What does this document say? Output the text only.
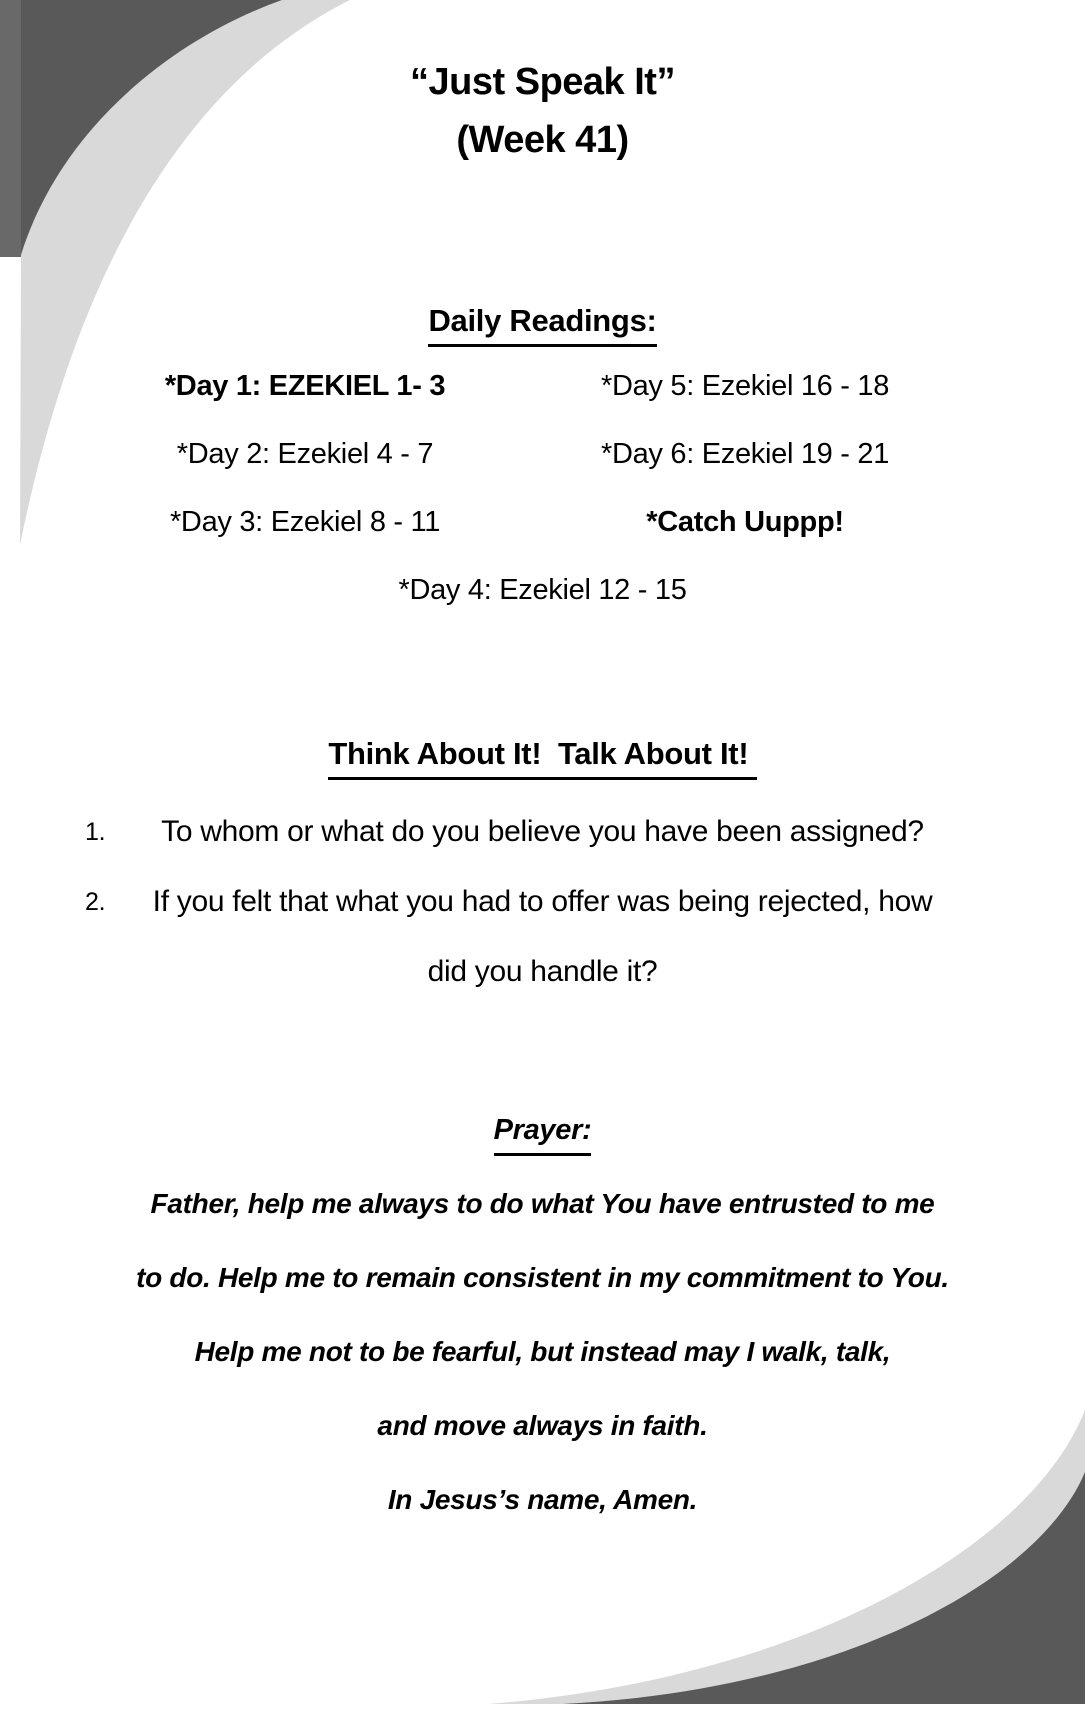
“Just Speak It”
(Week 41)
Daily Readings:
*Day 1: EZEKIEL 1- 3	*Day 5: Ezekiel 16 - 18
*Day 2: Ezekiel 4 - 7	*Day 6: Ezekiel 19 - 21
*Day 3: Ezekiel 8 - 11	*Catch Uuppp!
*Day 4: Ezekiel 12 - 15
Think About It!  Talk About It!
1. To whom or what do you believe you have been assigned?
2. If you felt that what you had to offer was being rejected, how
did you handle it?
Prayer:
Father, help me always to do what You have entrusted to me
to do. Help me to remain consistent in my commitment to You.
Help me not to be fearful, but instead may I walk, talk,
and move always in faith.
In Jesus’s name, Amen.
